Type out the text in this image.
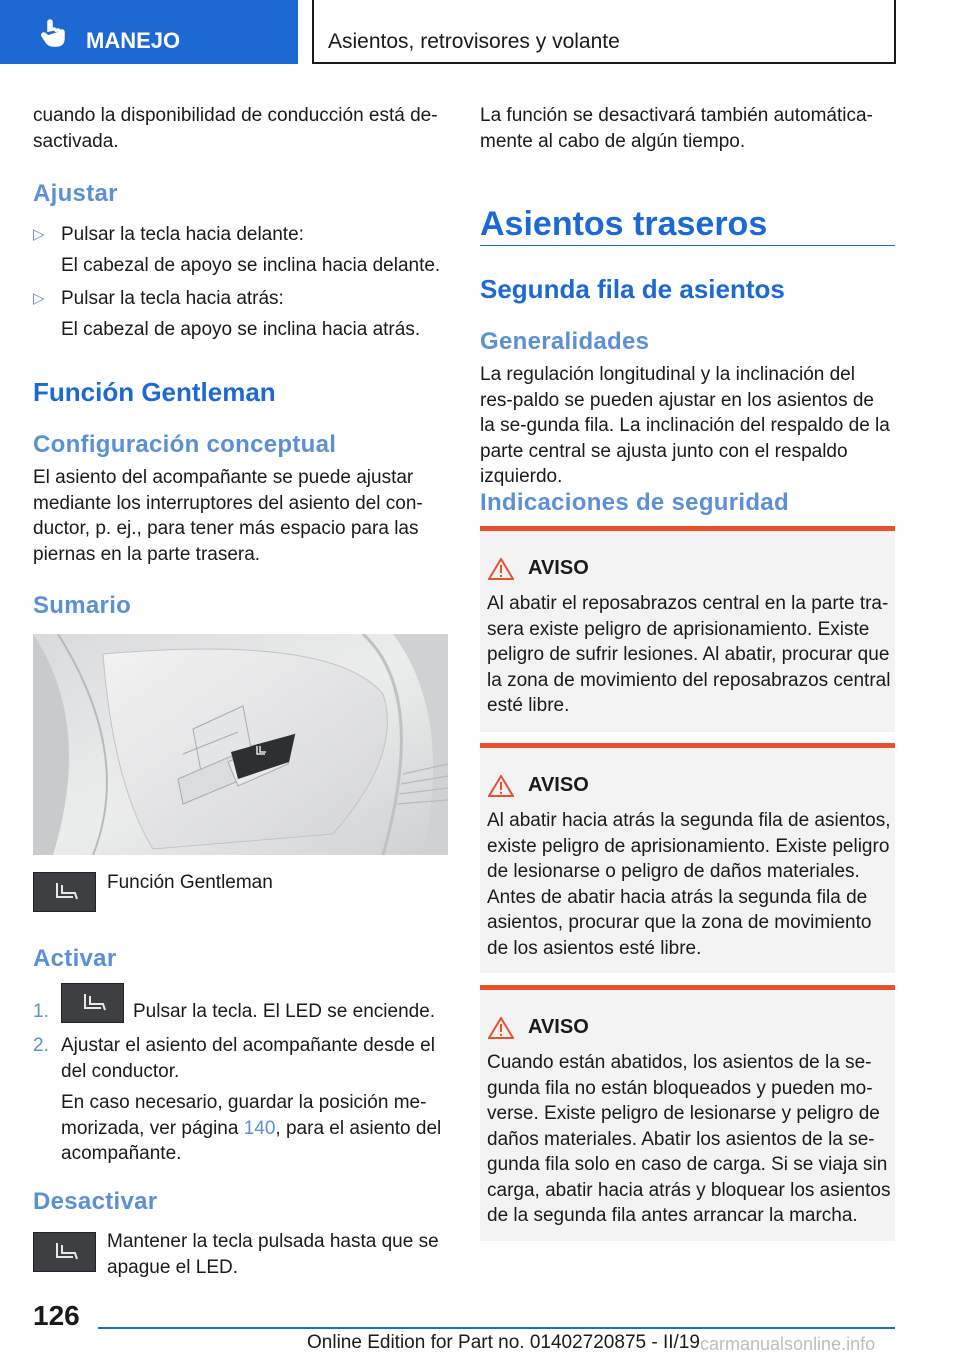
MANEJO	Asientos, retrovisores y volante

cuando la disponibilidad de conducción está de-sactivada.

Ajustar
▷ Pulsar la tecla hacia delante:
El cabezal de apoyo se inclina hacia delante.
▷ Pulsar la tecla hacia atrás:
El cabezal de apoyo se inclina hacia atrás.
Función Gentleman
Configuración conceptual

El asiento del acompañante se puede ajustar mediante los interruptores del asiento del con-ductor, p. ej., para tener más espacio para las piernas en la parte trasera.

Sumario
Función Gentleman
Activar
1.	Pulsar la tecla. El LED se enciende.
2. Ajustar el asiento del acompañante desde el del conductor.
En caso necesario, guardar la posición me-morizada, ver página 140, para el asiento del acompañante.
Desactivar

Mantener la tecla pulsada hasta que se apague el LED.

La función se desactivará también automática-mente al cabo de algún tiempo.

Asientos traseros
Segunda fila de asientos
Generalidades

La regulación longitudinal y la inclinación del res-paldo se pueden ajustar en los asientos de la se-gunda fila. La inclinación del respaldo de la parte central se ajusta junto con el respaldo izquierdo.

Indicaciones de seguridad
AVISO

Al abatir el reposabrazos central en la parte tra-sera existe peligro de aprisionamiento. Existe peligro de sufrir lesiones. Al abatir, procurar que la zona de movimiento del reposabrazos central esté libre.

AVISO

Al abatir hacia atrás la segunda fila de asientos, existe peligro de aprisionamiento. Existe peligro de lesionarse o peligro de daños materiales. Antes de abatir hacia atrás la segunda fila de asientos, procurar que la zona de movimiento de los asientos esté libre.

AVISO

Cuando están abatidos, los asientos de la se-gunda fila no están bloqueados y pueden mo-verse. Existe peligro de lesionarse y peligro de daños materiales. Abatir los asientos de la se-gunda fila solo en caso de carga. Si se viaja sin carga, abatir hacia atrás y bloquear los asientos de la segunda fila antes arrancar la marcha.

126
Online Edition for Part no. 01402720875 - II/19 carmanualsonline.info
